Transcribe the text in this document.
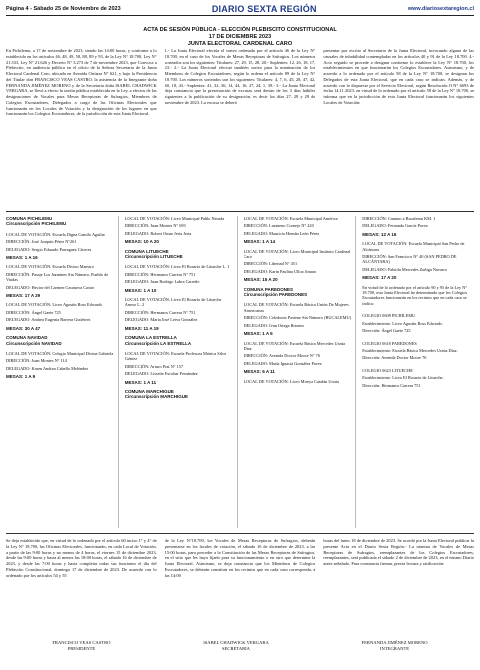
Página 4 - Sábado 25 de Noviembre de 2023	DIARIO SEXTA REGIÓN	www.diariosextaregion.cl
ACTA DE SESIÓN PÚBLICA - ELECCIÓN PLEBISCITO CONSTITUCIONAL
17 DE DICIEMBRE 2023
JUNTA ELECTORAL CARDENAL CARO
En Pichilemu, a 17 de noviembre de 2023, siendo las 14:00 horas, y conforme a lo establecido en los artículos 46, 48, 49, 58, 88, 89 y 93, de la Ley N° 18.700, Ley N° 21.533, Ley N° 21.626 y Decreto N° 3.273 de 7 de noviembre 2023, que Convoca a Plebiscito, en audiencia pública en el oficio de la Señora Secretaria de la Junta Electoral Cardenal Caro, ubicada en Avenida Ortúzar N° 621, y bajo la Presidencia del Titular don FRANCISCO VEAS CASTRO, la asistencia de la Integrante doña FERNANDA JIMÉNEZ MORENO y de la Secretaria doña ISABEL CHADWICK VERGARA, se llevó a efecto la sesión pública establecida en la Ley, a efectos de las designaciones de Vocales para Mesas Receptoras de Sufragios, Miembros de Colegios Escrutadores, Delegados a cargo de las Oficinas Electorales que funcionarán en los Locales de Votación y la designación de los lugares en que funcionarán los Colegios Escrutadores, de la jurisdicción de esta Junta Electoral.
1.- La Junta Electoral efectúa el sorteo ordenado por el artículo 46 de la Ley N° 18.700, en el caso de los Vocales de Mesas Receptoras de Sufragios. Los números sorteados son los siguientes: Titulares: 27, 29, 15, 28, 20.- Suplentes: 12, 26, 18, 17, 23.- 2.- La Junta Electoral efectuó también sorteo para la nominación de los Miembros de Colegios Escrutadores, según lo ordena el artículo 89 de la Ley N° 18.700. Los números sorteados son los siguientes: Titulares: 4, 7, 6, 45, 28, 47, 42, 60, 18, 43.- Suplentes: 41, 32, 36, 14, 44, 16, 27, 24, 1, 39.- 3.- La Junta Electoral deja constancia que la presentación de excusas será dentro de los 3 días hábiles siguientes a la publicación de su designación, es decir los días 27, 28 y 29 de noviembre de 2023. La excusa se deberá
presentar por escrito al Secretario de la Junta Electoral, invocando alguna de las causales de inhabilidad contempladas en los artículos 40 y 91 de la Ley 18.700. 4.- Acto seguido se procede a designar conforme lo establece la Ley N° 18.700, los establecimientos en que funcionarán los Colegios Escrutadores. Asimismo, y de acuerdo a lo ordenado por el artículo 58 de la Ley N° 18.700, se designan los Delegados de esta Junta Electoral, que en cada caso se indican. Además, y de acuerdo con lo dispuesto por el Servicio Electoral, según Resolución O N° 6693 de fecha 14.11.2023, en virtud de lo ordenado por el artículo 58 de la Ley N° 18.700, se informa que en la jurisdicción de esta Junta Electoral funcionarán los siguientes Locales de Votación:
COMUNA PICHILEMU
Circunscripción PICHILEMU
LOCAL DE VOTACIÓN: Escuela Digna Camilo Aguilar
DIRECCIÓN: José Joaquín Pérez N°261
DELEGADO: Sergio Eduardo Parraguez Cáceres
MESAS: 1 A 16
LOCAL DE VOTACIÓN: Escuela Divino Maestro
DIRECCIÓN: Pasaje Los Jazmines Sin Número, Pueblo de Viudas
DELEGADO: Hector del Carmen Casanova Castro
MESAS: 17 A 29
LOCAL DE VOTACIÓN: Liceo Agustín Ross Edwards
DIRECCIÓN: Ángel Gaete 725
DELEGADO: Andrea Eugenia Barrera Gutiérrez
MESAS: 30 A 47
COMUNA NAVIDAD
Circunscripción NAVIDAD
LOCAL DE VOTACIÓN: Colegio Municipal Divina Gabriela
DIRECCIÓN: Juan Montes N° 114
DELEGADO: Karen Andrea Cabello Meléndez
MESAS: 1 A 9
LOCAL DE VOTACIÓN: Liceo Municipal Pablo Neruda
DIRECCIÓN: Juan Montes N° 693
DELEGADO: Robert Omar Jeria Jeria
MESAS: 10 A 20
COMUNA LITUECHE
Circunscripción LITUECHE
LOCAL DE VOTACIÓN: Liceo El Rosario de Litueche L. 1
DIRECCIÓN: Hermanos Carrera N° 751
DELEGADO: Juan Rodrigo Labra Carreño
MESAS: 1 A 10
LOCAL DE VOTACIÓN: Liceo El Rosario de Litueche Anexo L. 2
DIRECCIÓN: Hermanos Carrera N° 751
DELEGADO: María José Leiva González
MESAS: 11 A 19
COMUNA LA ESTRELLA
Circunscripción LA ESTRELLA
LOCAL DE VOTACIÓN: Escuela Profesora Mónica Silva Gómez
DIRECCIÓN: Arturo Prat N° 157
DELEGADO: Lissette Escobar Fernández
MESAS: 1 A 11
COMUNA MARCHIGUE
Circunscripción MARCHIGUE
LOCAL DE VOTACIÓN: Escuela Municipal América
DIRECCIÓN: Luzmeno Cornejo N° 220
DELEGADO: Mauricio Hernán León Pérez
MESAS: 1 A 14
LOCAL DE VOTACIÓN: Liceo Municipal Instituto Cardenal Caro
DIRECCIÓN: Libertad N° 451
DELEGADO: Karin Paulina Ulloa Amaro
MESAS: 15 A 20
COMUNA PAREDONES
Circunscripción PAREDONES
LOCAL DE VOTACIÓN: Escuela Básica Unión De Mujeres Americanas
DIRECCIÓN: Celedonio Pastene Sin Número (BUCALEMU)
DELEGADO: Ivan Ortega Briones
MESAS: 1 A 5
LOCAL DE VOTACIÓN: Escuela Básica Mercedes Urzúa Díaz
DIRECCIÓN: Avenida Doctor Moore N° 76
DELEGADO: María Ignacia González Pavez
MESAS: 6 A 11
LOCAL DE VOTACIÓN: Liceo Mireya Catalán Urzúa
DIRECCIÓN: Camino a Bucalemu KM. 1
DELEGADO: Fernanda García Pavez
MESAS: 12 A 16
LOCAL DE VOTACIÓN: Escuela Municipal San Pedro de Alcántara
DIRECCIÓN: San Francisco N° 40 (SAN PEDRO DE ALCÁNTARA)
DELEGADO: Fabiola Mercedes Zuñiga Navarro
MESAS: 17 A 20
En virtud de lo ordenado por el artículo 90 y 95 de la Ley N° 18.700, esta Junta Electoral ha determinado que los Colegios Escrutadores funcionarán en los recintos que en cada caso se indica:
COLEGIO 0608 PICHILEMU
Establecimiento: Liceo Agustín Ross Edwards.
Dirección: Ángel Gaete 725
COLEGIO 0618 PAREDONES
Establecimiento: Escuela Básica Mercedes Urzúa Díaz.
Dirección: Avenida Doctor Moore 76
COLEGIO 0623 LITUECHE
Establecimiento: Liceo El Rosario de Litueche.
Dirección: Hermanos Carrera 751
Se deja establecido que, en virtud de lo ordenado por el artículo 60 inciso 1° y 4° de la Ley N° 18.700, las Oficinas Electorales, funcionarán, en cada Local de Votación, a partir de las 9:00 horas y no menos de 4 horas, el viernes 15 de diciembre 2023, desde las 9:00 horas y hasta al menos las 18:00 horas, el sábado 16 de diciembre de 2023, y desde las 7:00 horas y hasta completar todas sus funciones el día del Plebiscito Constitucional, domingo 17 de diciembre de 2023. De acuerdo con lo ordenado por los artículos 54 y 55
de la Ley N°18.700, los Vocales de Mesas Receptoras de Sufragios, deberán presentarse en los locales de votación, el sábado 16 de diciembre de 2023, a las 15:00 horas, para proceder a la Constitución de las Mesas Receptoras de Sufragios, en el sitio que les haya fijado para su funcionamiento o en otro que determine la Junta Electoral. Asimismo, se deja constancia que los Miembros de Colegios Escrutadores, se deberán constituir en los recintos que en cada caso corresponda, a las 14:00
horas del lunes 18 de diciembre de 2023. Se acordó por la Junta Electoral publicar la presente Acta en el Diario Sexta Región.- La nómina de Vocales de Mesas Receptoras de Sufragios, reemplazantes de los Colegios Escrutadores, reemplazantes, será publicada el sábado 2 de diciembre de 2023, en el mismo Diario antes señalado. Para constancia firman, previa lectura y ratificación:
FRANCISCO VEAS CASTRO
PRESIDENTE
ISABEL CHADWICK VERGARA
SECRETARIA
FERNANDA JIMÉNEZ MORENO
INTEGRANTE
